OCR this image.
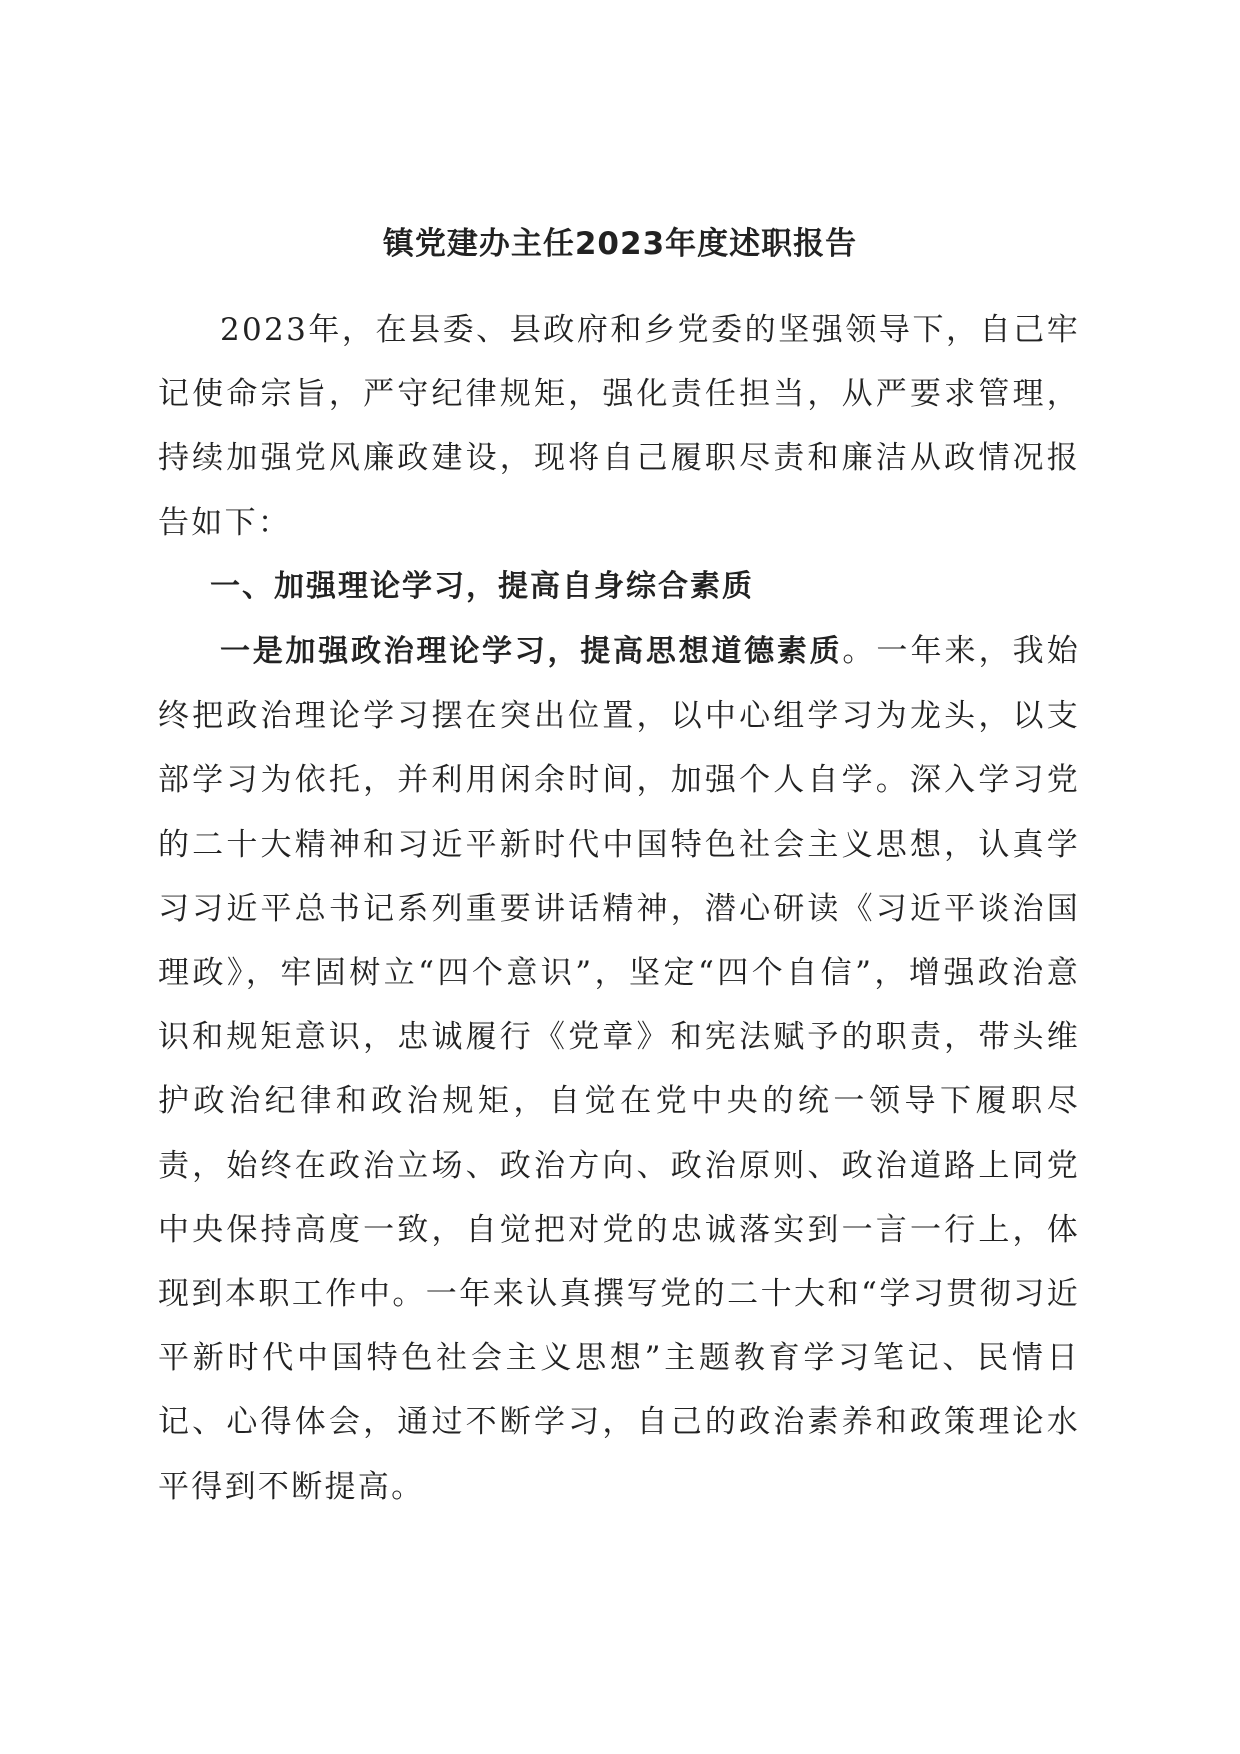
镇党建办主任2023年度述职报告

2023年，在县委、县政府和乡党委的坚强领导下，自己牢记使命宗旨，严守纪律规矩，强化责任担当，从严要求管理，持续加强党风廉政建设，现将自己履职尽责和廉洁从政情况报告如下：

一、加强理论学习，提高自身综合素质

一是加强政治理论学习，提高思想道德素质。一年来，我始终把政治理论学习摆在突出位置，以中心组学习为龙头，以支部学习为依托，并利用闲余时间，加强个人自学。深入学习党的二十大精神和习近平新时代中国特色社会主义思想，认真学习习近平总书记系列重要讲话精神，潜心研读《习近平谈治国理政》，牢固树立“四个意识”，坚定“四个自信”，增强政治意识和规矩意识，忠诚履行《党章》和宪法赋予的职责，带头维护政治纪律和政治规矩，自觉在党中央的统一领导下履职尽责，始终在政治立场、政治方向、政治原则、政治道路上同党中央保持高度一致，自觉把对党的忠诚落实到一言一行上，体现到本职工作中。一年来认真撰写党的二十大和“学习贯彻习近平新时代中国特色社会主义思想”主题教育学习笔记、民情日记、心得体会，通过不断学习，自己的政治素养和政策理论水平得到不断提高。
